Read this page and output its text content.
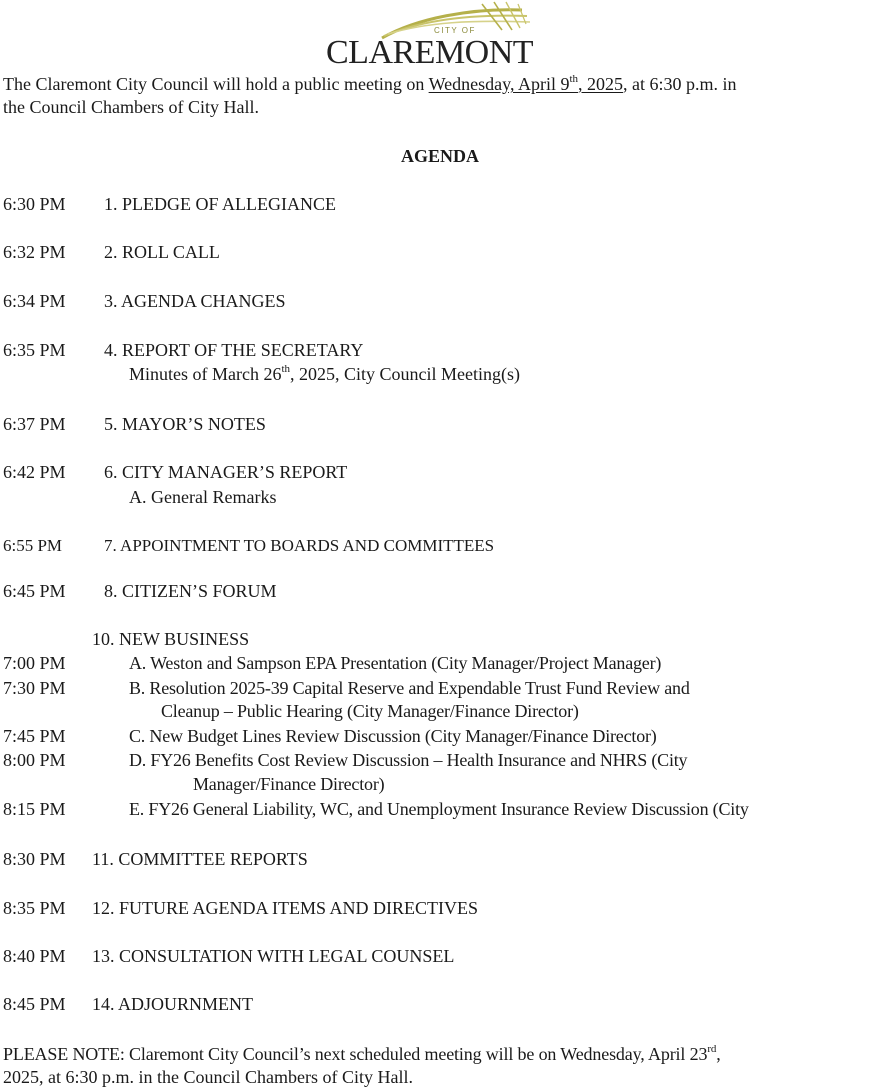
CITY OF
CLAREMONT
The Claremont City Council will hold a public meeting on Wednesday, April 9th, 2025, at 6:30 p.m. in
the Council Chambers of City Hall.
AGENDA
6:30 PM 1. PLEDGE OF ALLEGIANCE
6:32 PM 2. ROLL CALL
6:34 PM 3. AGENDA CHANGES
6:35 PM 4. REPORT OF THE SECRETARY
Minutes of March 26th, 2025, City Council Meeting(s)
6:37 PM 5. MAYOR’S NOTES
6:42 PM 6. CITY MANAGER’S REPORT
A. General Remarks
6:55 PM 7. APPOINTMENT TO BOARDS AND COMMITTEES
6:45 PM 8. CITIZEN’S FORUM
10. NEW BUSINESS
7:00 PM	A. Weston and Sampson EPA Presentation (City Manager/Project Manager)
7:30 PM	B. Resolution 2025-39 Capital Reserve and Expendable Trust Fund Review and
Cleanup – Public Hearing (City Manager/Finance Director)
7:45 PM	C. New Budget Lines Review Discussion (City Manager/Finance Director)
8:00 PM	D. FY26 Benefits Cost Review Discussion – Health Insurance and NHRS (City
Manager/Finance Director)
8:15 PM	E. FY26 General Liability, WC, and Unemployment Insurance Review Discussion (City
8:30 PM 11. COMMITTEE REPORTS
8:35 PM 12. FUTURE AGENDA ITEMS AND DIRECTIVES
8:40 PM 13. CONSULTATION WITH LEGAL COUNSEL
8:45 PM 14. ADJOURNMENT
PLEASE NOTE: Claremont City Council’s next scheduled meeting will be on Wednesday, April 23rd,
2025, at 6:30 p.m. in the Council Chambers of City Hall.
